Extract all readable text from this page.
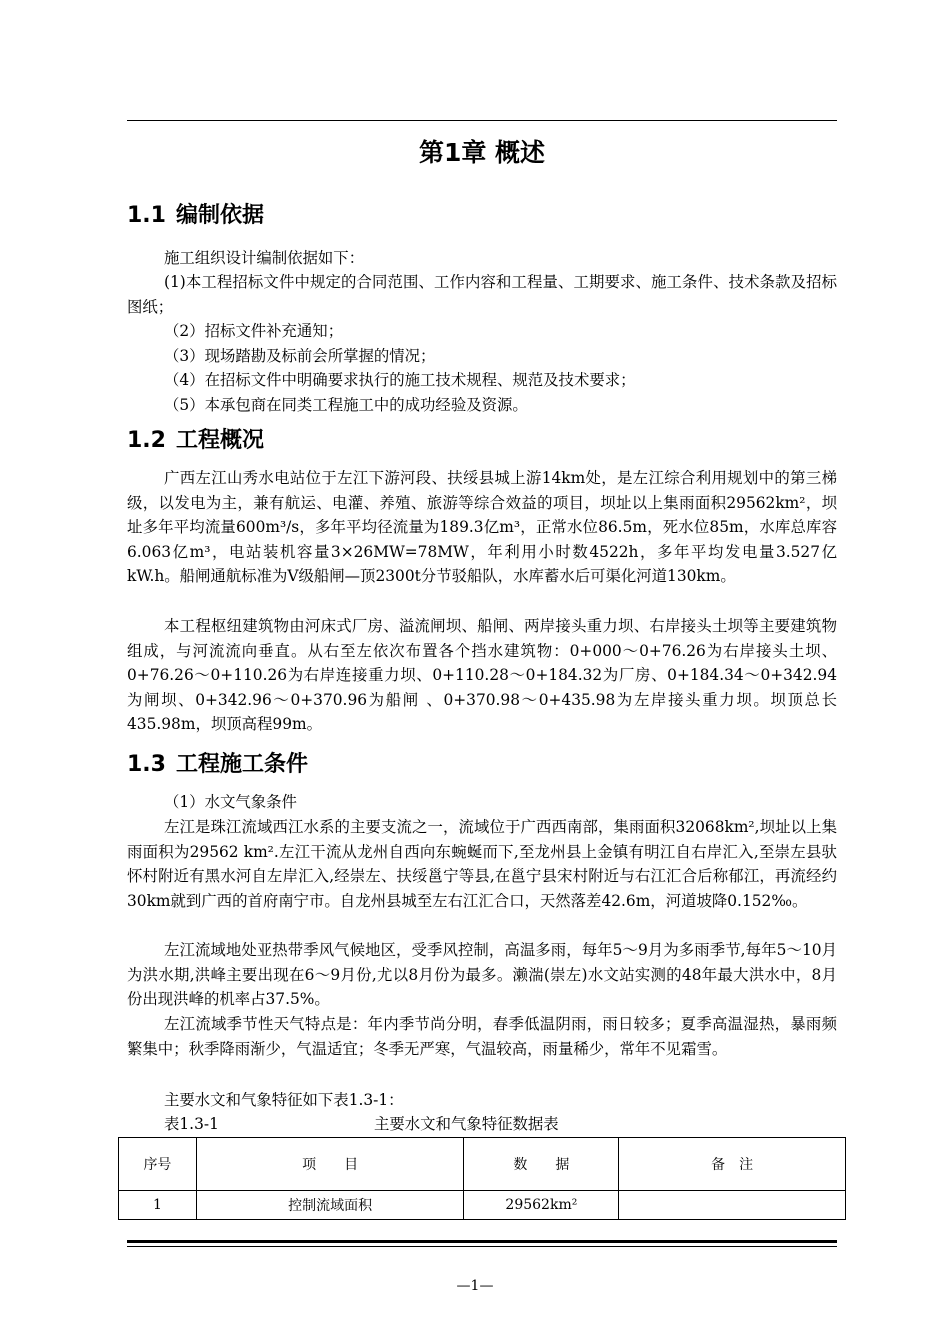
第1章 概述
1.1 编制依据
施工组织设计编制依据如下：
(1)本工程招标文件中规定的合同范围、工作内容和工程量、工期要求、施工条件、技术条款及招标图纸；
（2）招标文件补充通知；
（3）现场踏勘及标前会所掌握的情况；
（4）在招标文件中明确要求执行的施工技术规程、规范及技术要求；
（5）本承包商在同类工程施工中的成功经验及资源。
1.2 工程概况
广西左江山秀水电站位于左江下游河段、扶绥县城上游14km处，是左江综合利用规划中的第三梯级，以发电为主，兼有航运、电灌、养殖、旅游等综合效益的项目，坝址以上集雨面积29562km²，坝址多年平均流量600m³/s，多年平均径流量为189.3亿m³，正常水位86.5m，死水位85m，水库总库容6.063亿m³，电站装机容量3×26MW=78MW，年利用小时数4522h，多年平均发电量3.527亿kW.h。船闸通航标准为Ⅴ级船闸—顶2300t分节驳船队，水库蓄水后可渠化河道130km。
本工程枢纽建筑物由河床式厂房、溢流闸坝、船闸、两岸接头重力坝、右岸接头土坝等主要建筑物组成，与河流流向垂直。从右至左依次布置各个挡水建筑物：0+000～0+76.26为右岸接头土坝、0+76.26～0+110.26为右岸连接重力坝、0+110.28～0+184.32为厂房、0+184.34～0+342.94为闸坝、0+342.96～0+370.96为船闸 、0+370.98～0+435.98为左岸接头重力坝。坝顶总长435.98m，坝顶高程99m。
1.3 工程施工条件
（1）水文气象条件
左江是珠江流域西江水系的主要支流之一，流域位于广西西南部，集雨面积32068km²,坝址以上集雨面积为29562 km².左江干流从龙州自西向东蜿蜒而下,至龙州县上金镇有明江自右岸汇入,至崇左县驮怀村附近有黑水河自左岸汇入,经崇左、扶绥邕宁等县,在邕宁县宋村附近与右江汇合后称郁江，再流经约30km就到广西的首府南宁市。自龙州县城至左右江汇合口，天然落差42.6m，河道坡降0.152‰。
左江流域地处亚热带季风气候地区，受季风控制，高温多雨，每年5～9月为多雨季节,每年5～10月为洪水期,洪峰主要出现在6～9月份,尤以8月份为最多。濑湍(崇左)水文站实测的48年最大洪水中，8月份出现洪峰的机率占37.5%。
左江流域季节性天气特点是：年内季节尚分明，春季低温阴雨，雨日较多；夏季高温湿热，暴雨频繁集中；秋季降雨渐少，气温适宜；冬季无严寒，气温较高，雨量稀少，常年不见霜雪。
主要水文和气象特征如下表1.3-1：
表1.3-1	主要水文和气象特征数据表
序号	项　　目	数　　据	备　注
1	控制流域面积	29562km²	
—1—
